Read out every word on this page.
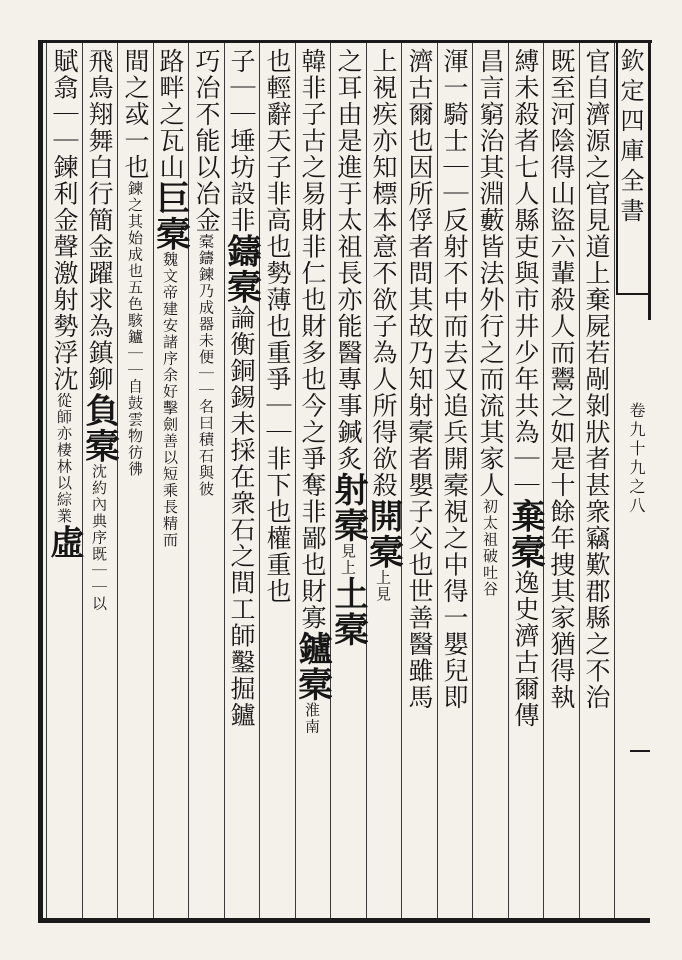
欽定四庫全書
卷九十九之八
官自濟源之官見道上棄屍若剮剝狀者甚衆竊歎郡縣之不治
既至河陰得山盜六輩殺人而鬻之如是十餘年捜其家猶得執
縛未殺者七人縣吏與市井少年共為｜｜棄槖逸史濟古爾傳
昌言窮治其淵藪皆法外行之而流其家人初太祖破吐谷
渾一騎士｜｜反射不中而去又追兵開槖視之中得一嬰兒即
濟古爾也因所俘者問其故乃知射槖者嬰子父也世善醫雖馬
上視疾亦知標本意不欲子為人所得欲殺開槖上見
之耳由是進于太祖長亦能醫專事鍼炙射槖見上土槖
韓非子古之易財非仁也財多也今之爭奪非鄙也財寡鑪槖淮南
也輕辭天子非高也勢薄也重爭｜｜非下也權重也
子｜｜埵坊設非鑄槖論衡銅錫未採在衆石之間工師鑿掘鑪
巧冶不能以冶金槖鑄鍊乃成器未便｜｜名曰積石與彼
路畔之瓦山巨槖魏文帝建安諸序余好擊劍善以短乘長精而
間之㦯一也鍊之其始成也五色駭鑪｜｜自鼓雲物彷彿
飛鳥翔舞白行簡金躍求為鎮鉚負槖沈約內典序既｜｜以
賦翕｜｜鍊利金聲激射勢浮沈從師亦棲林以綜業虛
